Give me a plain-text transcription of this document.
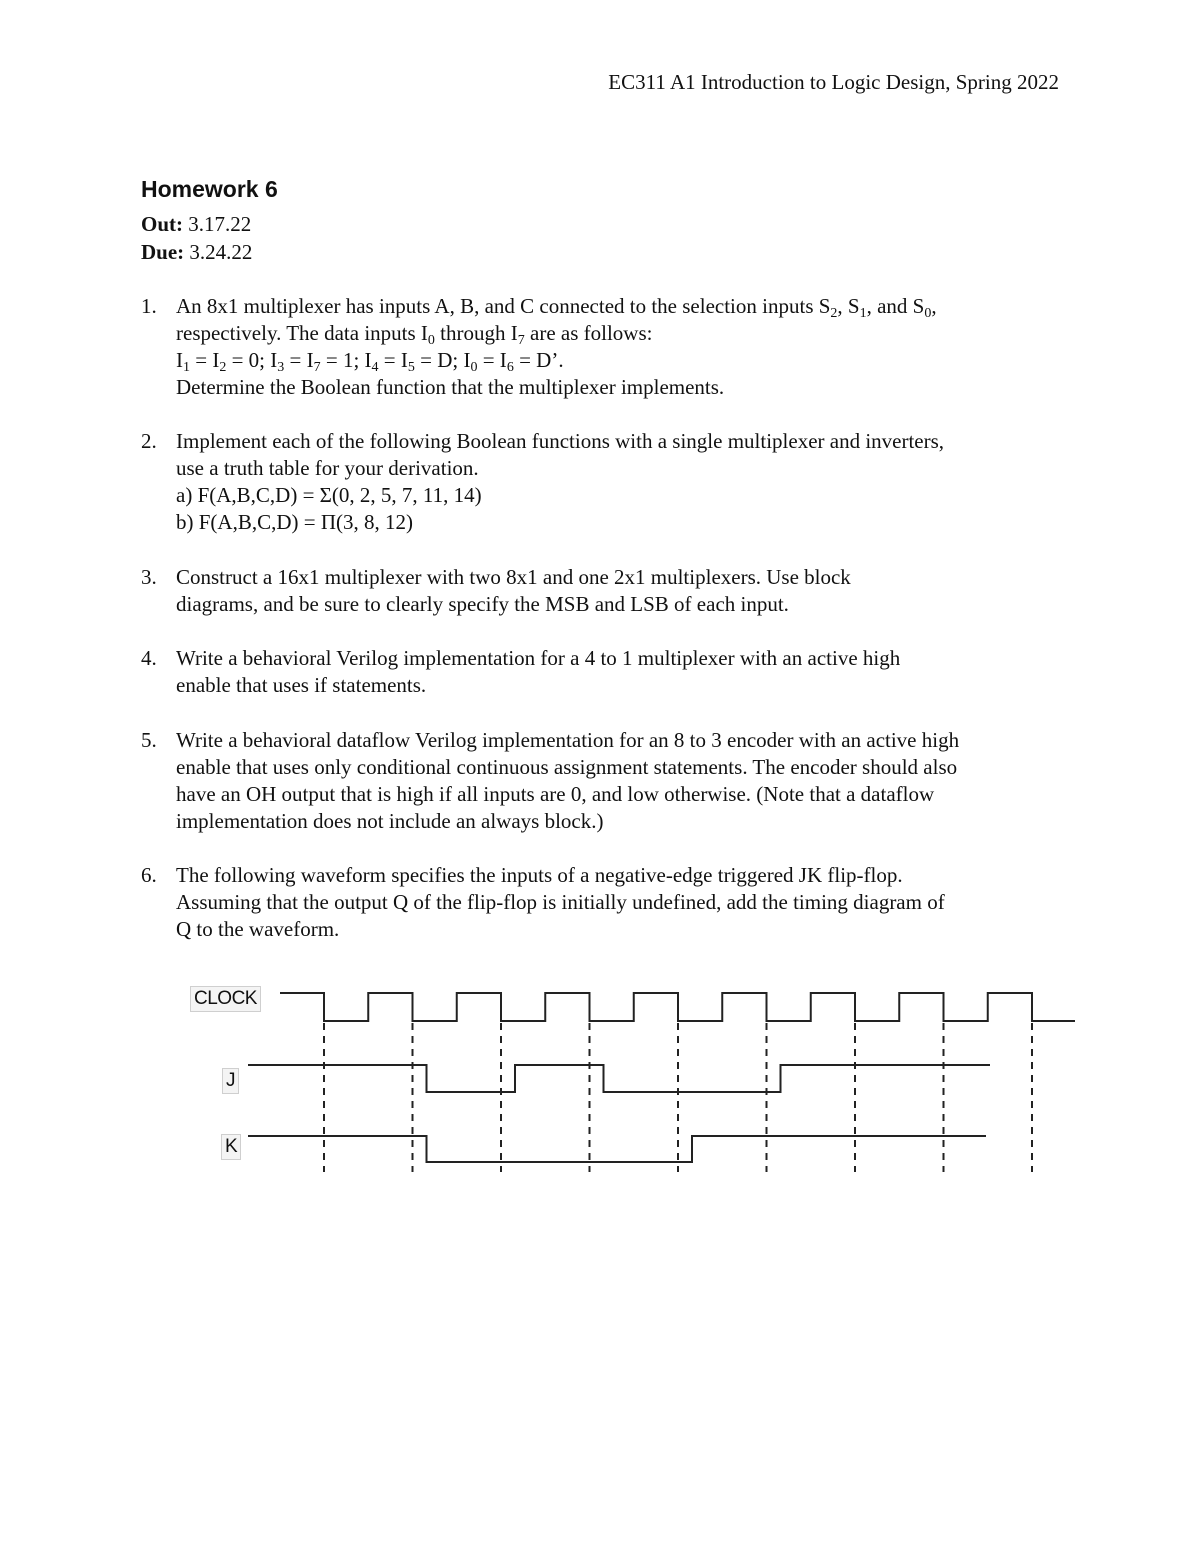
EC311 A1 Introduction to Logic Design, Spring 2022
Homework 6
Out: 3.17.22
Due: 3.24.22
1. An 8x1 multiplexer has inputs A, B, and C connected to the selection inputs $S_2$, $S_1$, and $S_0$,
respectively. The data inputs $I_0$ through $I_7$ are as follows:
$I_1 = I_2 = 0$; $I_3 = I_7 = 1$; $I_4 = I_5 = D$; $I_0 = I_6 = D$’.
Determine the Boolean function that the multiplexer implements.
2. Implement each of the following Boolean functions with a single multiplexer and inverters,
use a truth table for your derivation.
a) F(A,B,C,D) = Σ(0, 2, 5, 7, 11, 14)
b) F(A,B,C,D) = Π(3, 8, 12)
3. Construct a 16x1 multiplexer with two 8x1 and one 2x1 multiplexers. Use block
diagrams, and be sure to clearly specify the MSB and LSB of each input.
4. Write a behavioral Verilog implementation for a 4 to 1 multiplexer with an active high
enable that uses if statements.
5. Write a behavioral dataflow Verilog implementation for an 8 to 3 encoder with an active high
enable that uses only conditional continuous assignment statements. The encoder should also
have an OH output that is high if all inputs are 0, and low otherwise. (Note that a dataflow
implementation does not include an always block.)
6. The following waveform specifies the inputs of a negative-edge triggered JK flip-flop.
Assuming that the output Q of the flip-flop is initially undefined, add the timing diagram of
Q to the waveform.
CLOCK
J
K
